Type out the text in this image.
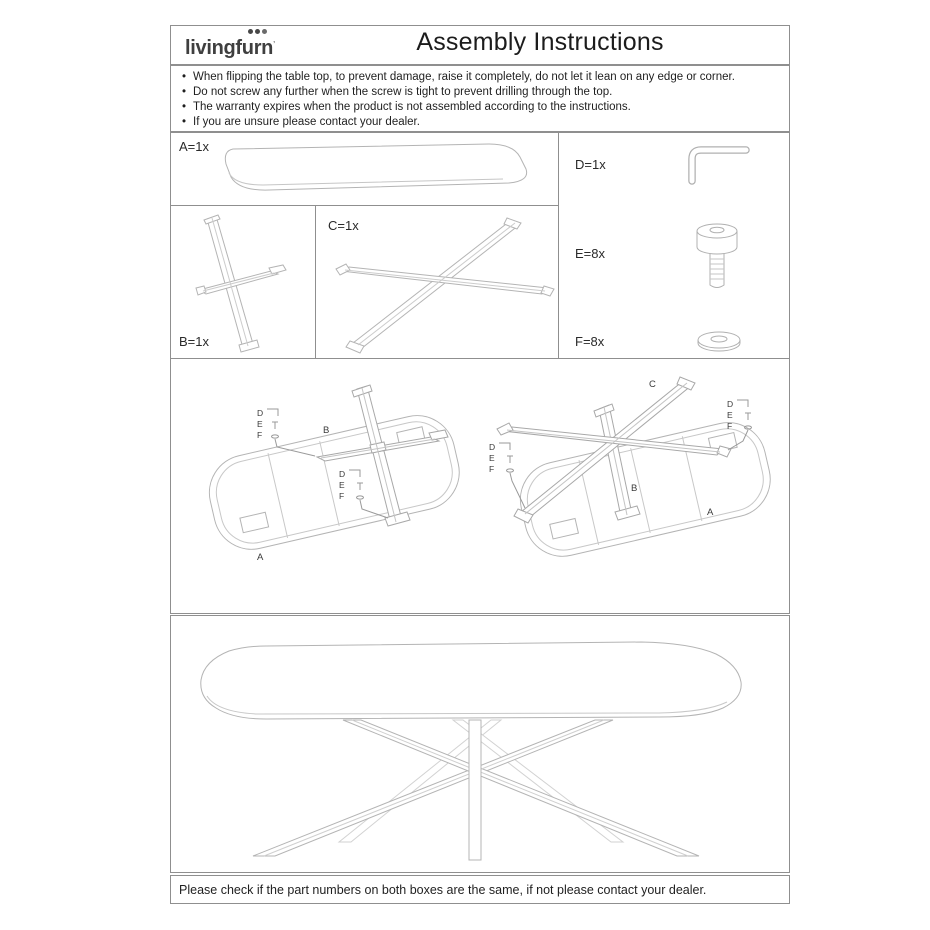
livingfurn’	Assembly Instructions
• When flipping the table top, to prevent damage, raise it completely, do not let it lean on any edge or corner.
• Do not screw any further when the screw is tight to prevent drilling through the top.
• The warranty expires when the product is not assembled according to the instructions.
• If you are unsure please contact your dealer.
A=1x
B=1x
C=1x
D=1x
E=8x
F=8x
D
E
F
D
E
F
B
A
D
E
F
D
E
F
C
B
A
Please check if the part numbers on both boxes are the same, if not please contact your dealer.
